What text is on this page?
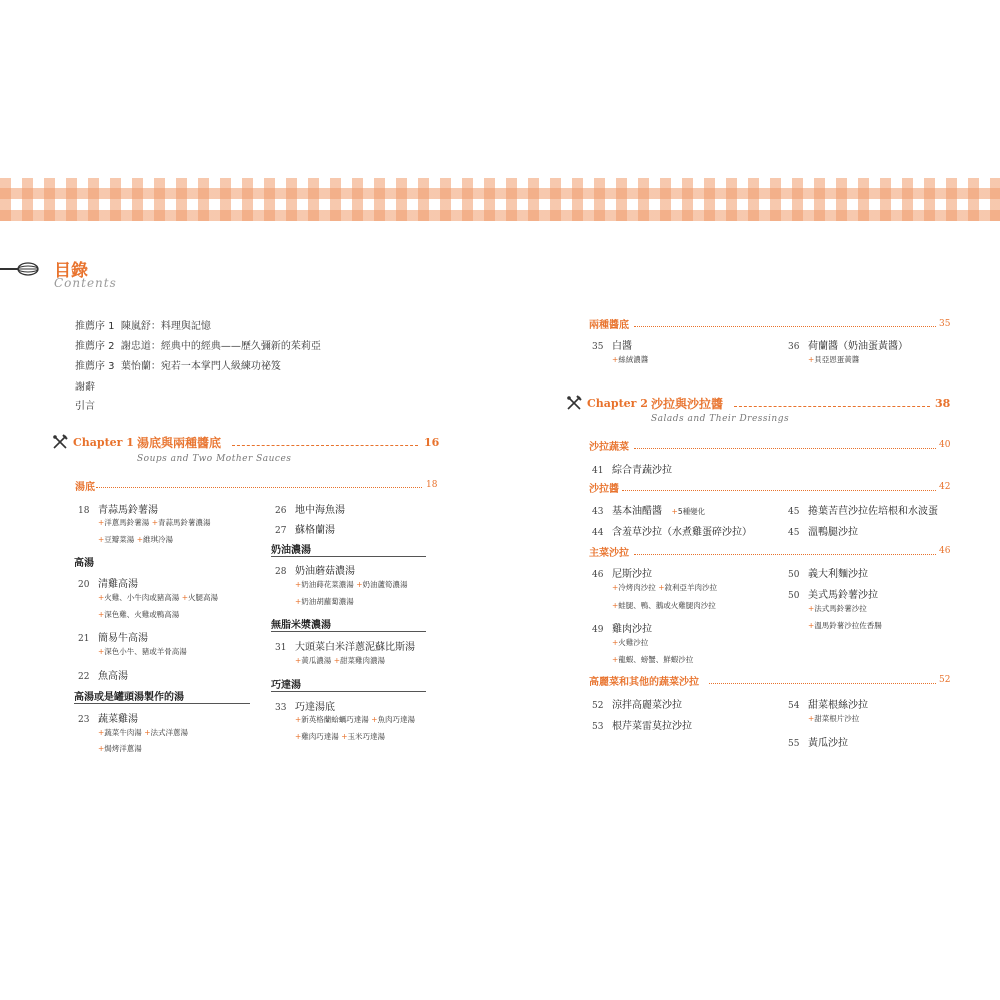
目錄
Contents
推薦序 1 陳嵐舒：料理與記憶
推薦序 2 謝忠道：經典中的經典——歷久彌新的茱莉亞
推薦序 3 葉怡蘭：宛若一本掌門人級練功祕笈
謝辭
引言
Chapter 1 湯底與兩種醬底	16
Soups and Two Mother Sauces
湯底	18
18 青蒜馬鈴薯湯
+洋蔥馬鈴薯湯 +青蒜馬鈴薯濃湯
+豆瓣菜湯 +維琪冷湯
高湯
20 清雞高湯
+火雞、小牛肉或豬高湯 +火腿高湯
+深色雞、火雞或鴨高湯
21 簡易牛高湯
+深色小牛、豬或羊骨高湯
22 魚高湯
高湯或是罐頭湯製作的湯
23 蔬菜雞湯
+蔬菜牛肉湯 +法式洋蔥湯
+焗烤洋蔥湯
26 地中海魚湯
27 蘇格蘭湯
奶油濃湯
28 奶油蘑菇濃湯
+奶油蒔花菜濃湯 +奶油蘆筍濃湯
+奶油胡蘿蔔濃湯
無脂米漿濃湯
31 大頭菜白米洋蔥泥蘇比斯湯
+黃瓜濃湯 +甜菜雞肉濃湯
巧達湯
33 巧達湯底
+新英格蘭蛤蠣巧達湯 +魚肉巧達湯
+雞肉巧達湯 +玉米巧達湯
兩種醬底	35
35 白醬
+絲絨濃醬
36 荷蘭醬（奶油蛋黃醬）
+貝亞恩蛋黃醬
Chapter 2 沙拉與沙拉醬	38
Salads and Their Dressings
沙拉蔬菜	40
41 綜合青蔬沙拉
沙拉醬	42
43 基本油醋醬 +5種變化
44 含羞草沙拉（水煮雞蛋碎沙拉）
45 捲葉苦苣沙拉佐培根和水波蛋
45 溫鴨腿沙拉
主菜沙拉	46
46 尼斯沙拉
+冷烤肉沙拉 +敘利亞羊肉沙拉
+蛙腿、鴨、鵝或火雞腿肉沙拉
49 雞肉沙拉
+火雞沙拉
+龍蝦、螃蟹、鮮蝦沙拉
50 義大利麵沙拉
50 美式馬鈴薯沙拉
+法式馬鈴薯沙拉
+溫馬鈴薯沙拉佐香腸
高麗菜和其他的蔬菜沙拉	52
52 涼拌高麗菜沙拉
53 根芹菜雷莫拉沙拉
54 甜菜根絲沙拉
+甜菜根片沙拉
55 黃瓜沙拉
